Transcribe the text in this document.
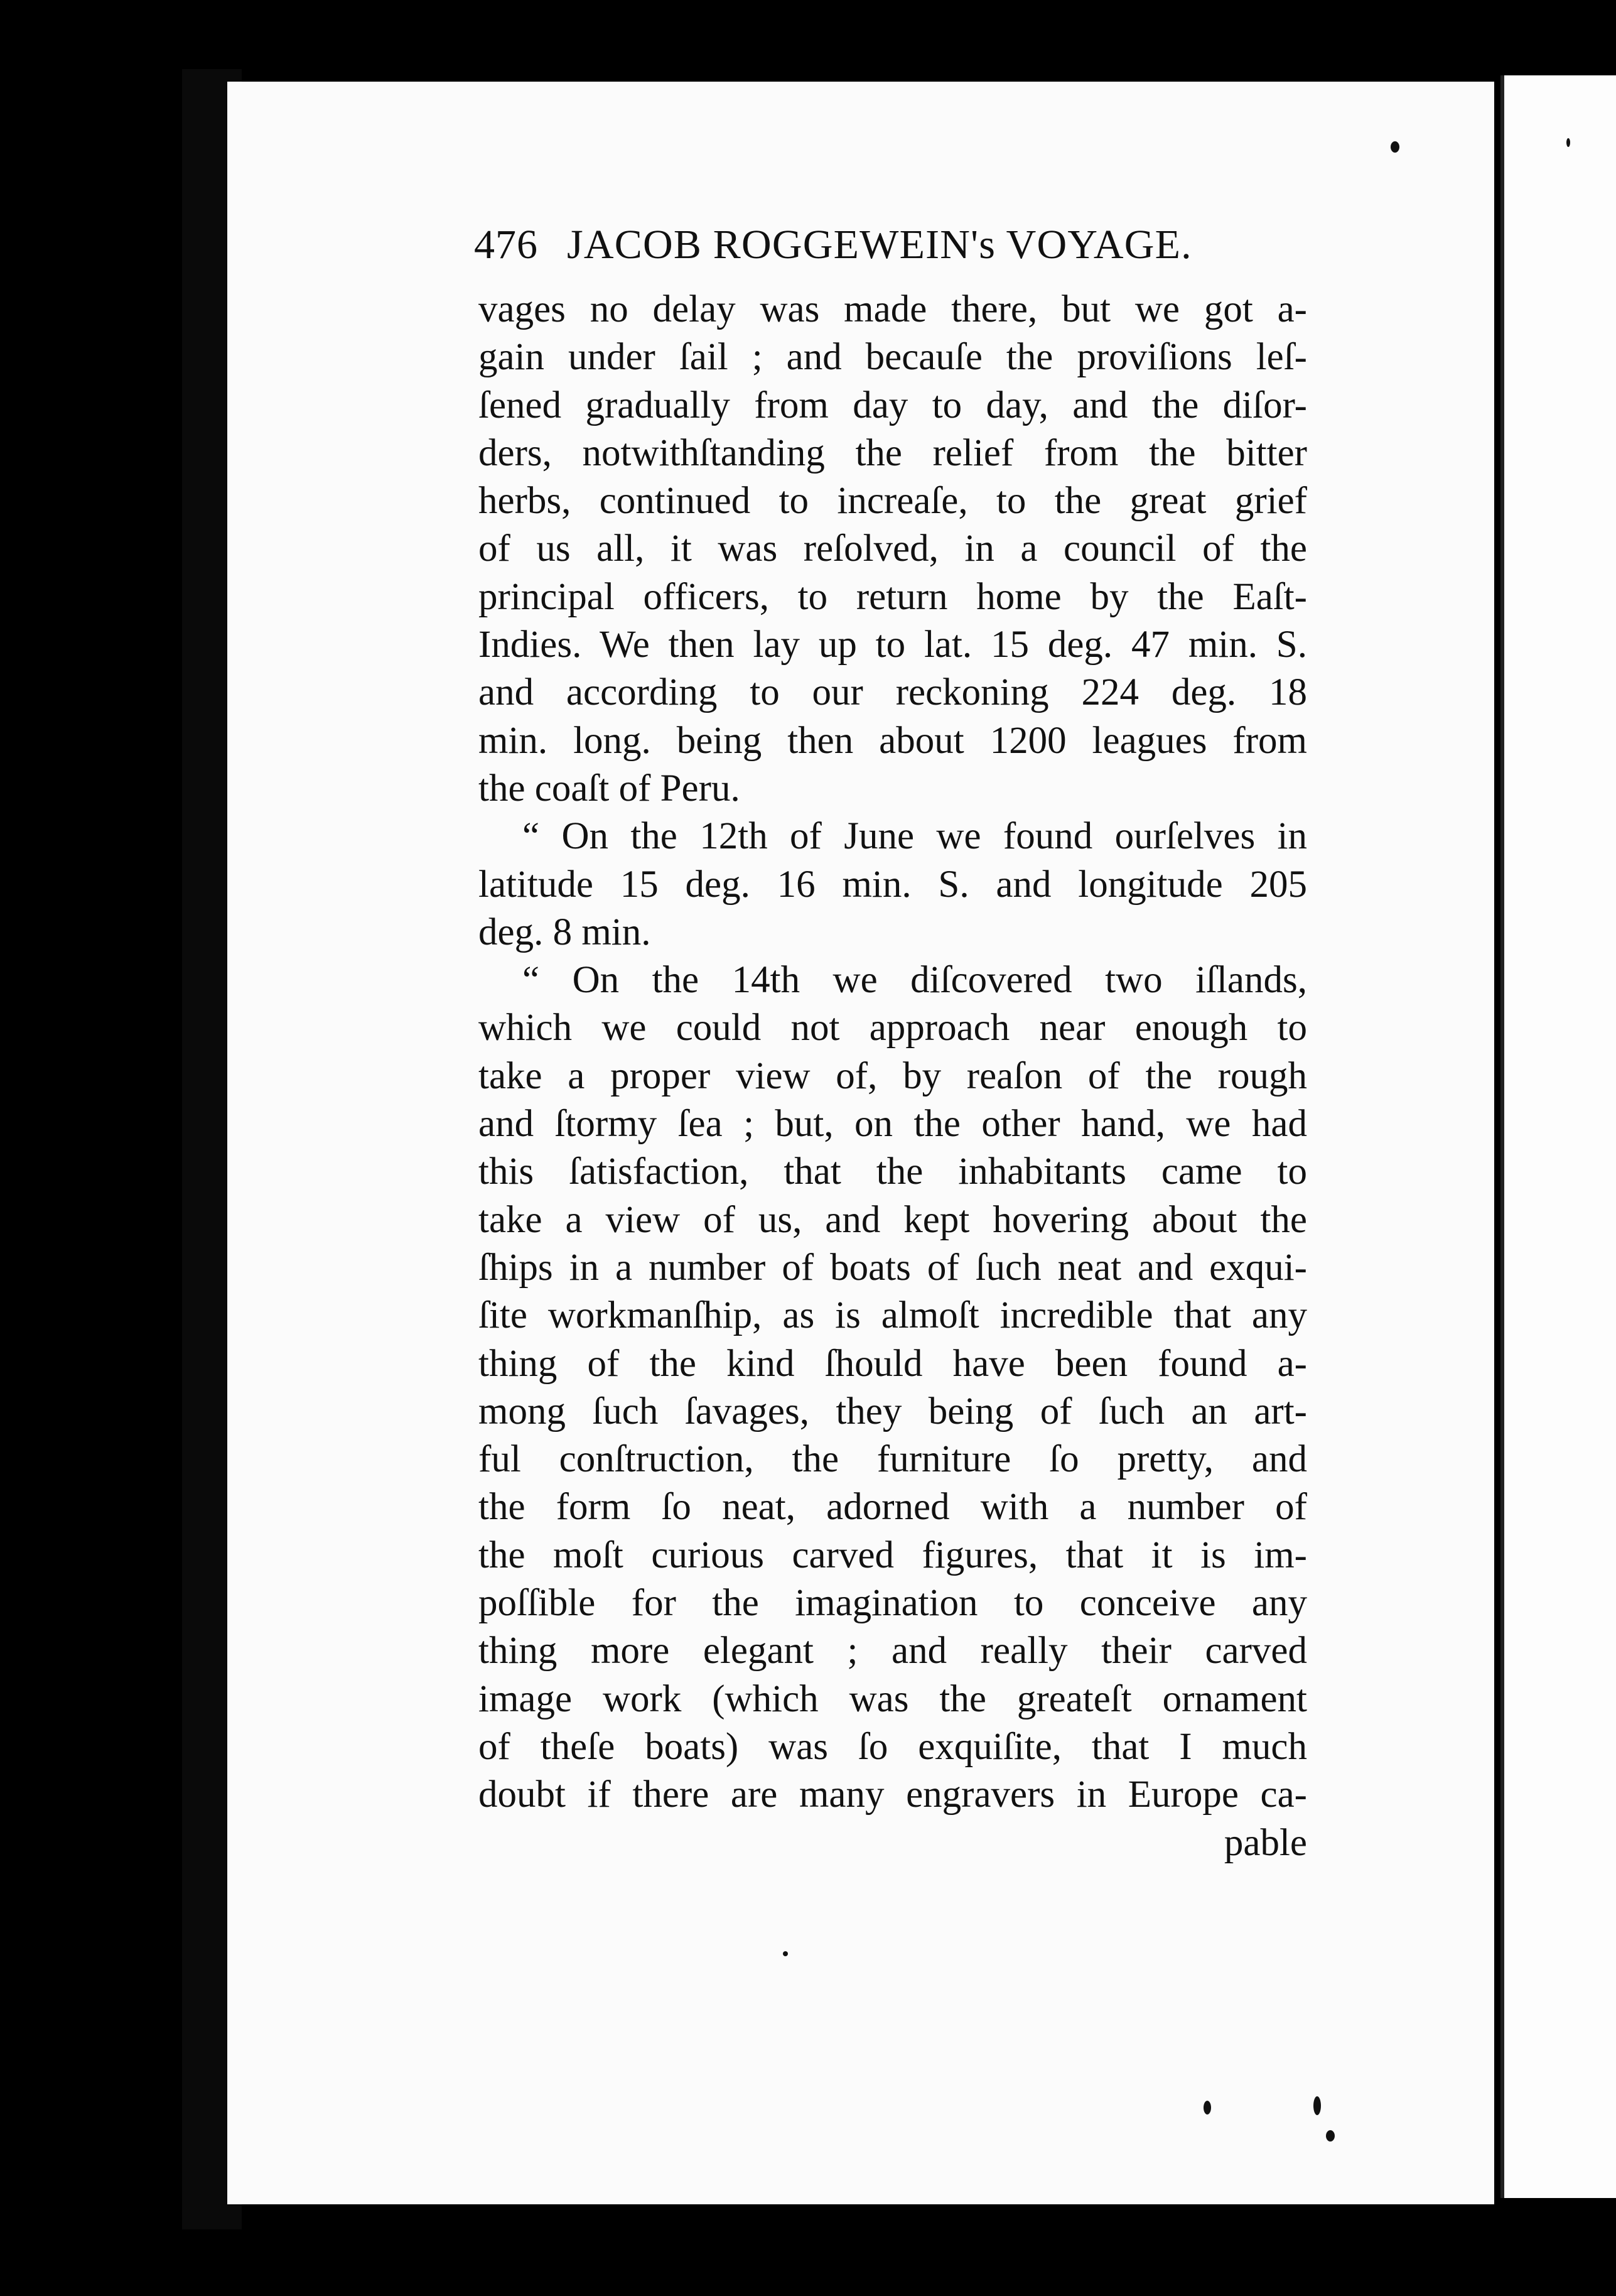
476 JACOB ROGGEWEIN's VOYAGE.
vages no delay was made there, but we got a-
gain under ſail ; and becauſe the proviſions leſ-
ſened gradually from day to day, and the diſor-
ders, notwithſtanding the relief from the bitter
herbs, continued to increaſe, to the great grief
of us all, it was reſolved, in a council of the
principal officers, to return home by the Eaſt-
Indies. We then lay up to lat. 15 deg. 47 min. S.
and according to our reckoning 224 deg. 18
min. long. being then about 1200 leagues from
the coaſt of Peru.
“ On the 12th of June we found ourſelves in
latitude 15 deg. 16 min. S. and longitude 205
deg. 8 min.
“ On the 14th we diſcovered two iſlands,
which we could not approach near enough to
take a proper view of, by reaſon of the rough
and ſtormy ſea ; but, on the other hand, we had
this ſatisfaction, that the inhabitants came to
take a view of us, and kept hovering about the
ſhips in a number of boats of ſuch neat and exqui-
ſite workmanſhip, as is almoſt incredible that any
thing of the kind ſhould have been found a-
mong ſuch ſavages, they being of ſuch an art-
ful conſtruction, the furniture ſo pretty, and
the form ſo neat, adorned with a number of
the moſt curious carved figures, that it is im-
poſſible for the imagination to conceive any
thing more elegant ; and really their carved
image work (which was the greateſt ornament
of theſe boats) was ſo exquiſite, that I much
doubt if there are many engravers in Europe ca-
pable
